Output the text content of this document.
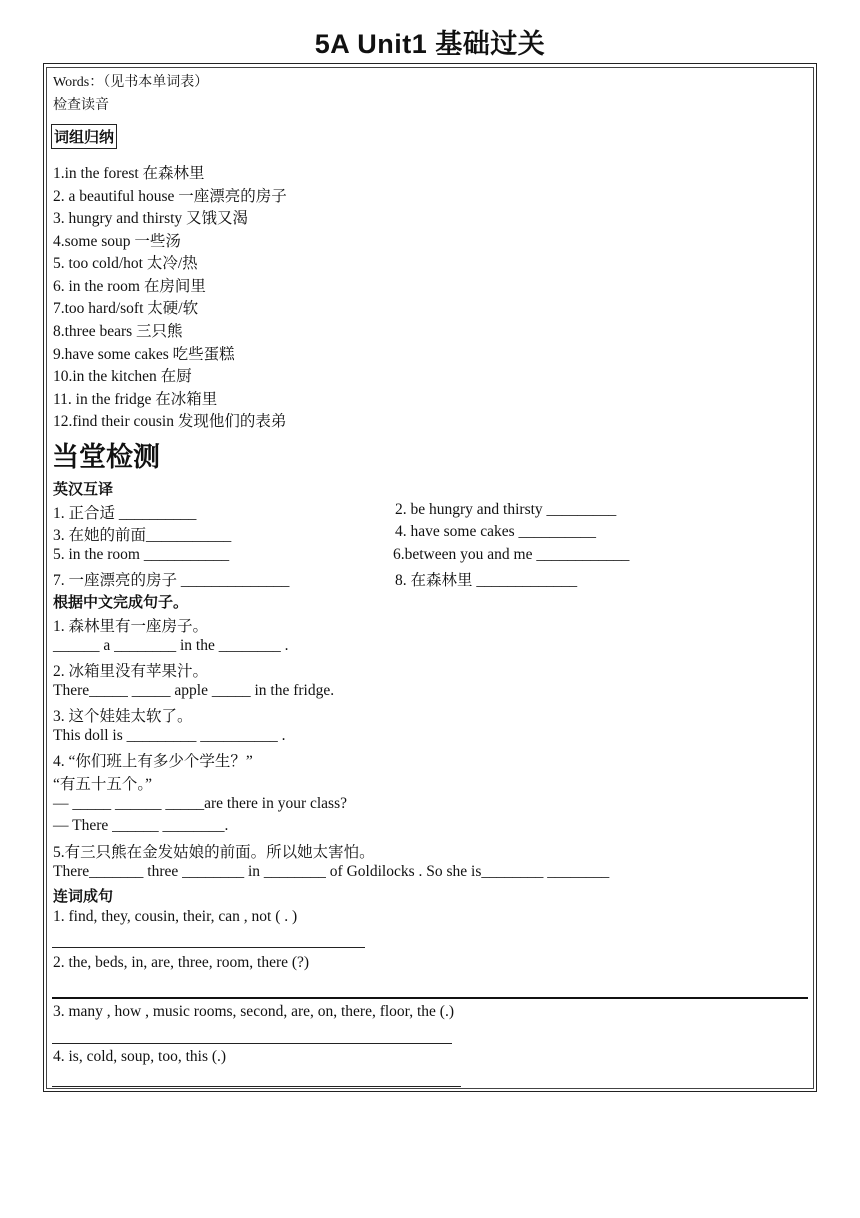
5A Unit1 基础过关
Words：（见书本单词表）
检查读音
词组归纳
1.in the forest 在森林里
2. a beautiful house 一座漂亮的房子
3. hungry and thirsty 又饿又渴
4.some soup 一些汤
5. too cold/hot 太冷/热
6. in the room 在房间里
7.too hard/soft 太硬/软
8.three bears 三只熊
9.have some cakes 吃些蛋糕
10.in the kitchen 在厨
11. in the fridge 在冰箱里
12.find their cousin 发现他们的表弟
当堂检测
英汉互译
1. 正合适 __________
3. 在她的前面___________
5. in the room ___________
7. 一座漂亮的房子 ______________
2. be hungry and thirsty _________
4. have some cakes __________
6.between you and me ____________
8. 在森林里 _____________
根据中文完成句子。
1. 森林里有一座房子。
______ a ________ in the ________ .
2. 冰箱里没有苹果汁。
There_____ _____ apple _____ in the fridge.
3. 这个娃娃太软了。
This doll is _________ __________ .
4. “你们班上有多少个学生？”
“有五十五个。”
— _____ ______ _____are there in your class?
— There ______ ________.
5.有三只熊在金发姑娘的前面。所以她太害怕。
There_______ three ________ in ________ of Goldilocks . So she is________ ________
连词成句
1. find, they, cousin, their, can , not ( . )
2. the, beds, in, are, three, room, there (?)
3. many , how , music rooms, second, are, on, there, floor, the (.)
4. is, cold, soup, too, this (.)
